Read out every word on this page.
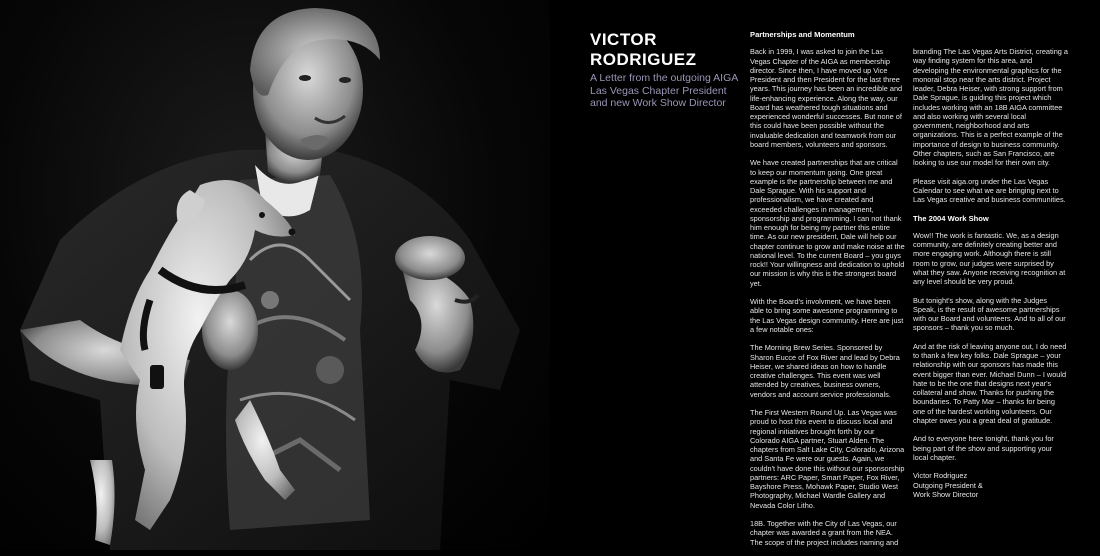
VICTOR RODRIGUEZ
A Letter from the outgoing AIGA Las Vegas Chapter President and new Work Show Director
Partnerships and Momentum

Back in 1999, I was asked to join the Las Vegas Chapter of the AIGA as membership director. Since then, I have moved up Vice President and then President for the last three years. This journey has been an incredible and life-enhancing experience. Along the way, our Board has weathered tough situations and experienced wonderful successes. But none of this could have been possible without the invaluable dedication and teamwork from our board members, volunteers and sponsors.

We have created partnerships that are critical to keep our momentum going. One great example is the partnership between me and Dale Sprague. With his support and professionalism, we have created and exceeded challenges in management, sponsorship and programming. I can not thank him enough for being my partner this entire time. As our new president, Dale will help our chapter continue to grow and make noise at the national level. To the current Board – you guys rock!! Your willingness and dedication to uphold our mission is why this is the strongest board yet.

With the Board's involvment, we have been able to bring some awesome programming to the Las Vegas design community. Here are just a few notable ones:

The Morning Brew Series. Sponsored by Sharon Eucce of Fox River and lead by Debra Heiser, we shared ideas on how to handle creative challenges. This event was well attended by creatives, business owners, vendors and account service professionals.

The First Western Round Up. Las Vegas was proud to host this event to discuss local and regional initiatives brought forth by our Colorado AIGA partner, Stuart Alden. The chapters from Salt Lake City, Colorado, Arizona and Santa Fe were our guests. Again, we couldn't have done this without our sponsorship partners: ARC Paper, Smart Paper, Fox River, Bayshore Press, Mohawk Paper, Studio West Photography, Michael Wardle Gallery and Nevada Color Litho.

18B. Together with the City of Las Vegas, our chapter was awarded a grant from the NEA. The scope of the project includes naming and

branding The Las Vegas Arts District, creating a way finding system for this area, and developing the environmental graphics for the monorail stop near the arts district. Project leader, Debra Heiser, with strong support from Dale Sprague, is guiding this project which includes working with an 18B AIGA committee and also working with several local government, neighborhood and arts organizations. This is a perfect example of the importance of design to business community. Other chapters, such as San Francisco, are looking to use our model for their own city.

Please visit aiga.org under the Las Vegas Calendar to see what we are bringing next to Las Vegas creative and business communities.

The 2004 Work Show

Wow!! The work is fantastic. We, as a design community, are definitely creating better and more engaging work. Although there is still room to grow, our judges were surprised by what they saw. Anyone receiving recognition at any level should be very proud.

But tonight's show, along with the Judges Speak, is the result of awesome partnerships with our Board and volunteers. And to all of our sponsors – thank you so much.

And at the risk of leaving anyone out, I do need to thank a few key folks. Dale Sprague – your relationship with our sponsors has made this event bigger than ever. Michael Dunn – I would hate to be the one that designs next year's collateral and show. Thanks for pushing the boundaries. To Patty Mar – thanks for being one of the hardest working volunteers. Our chapter owes you a great deal of gratitude.

And to everyone here tonight, thank you for being part of the show and supporting your local chapter.

Victor Rodriguez
Outgoing President &
Work Show Director
